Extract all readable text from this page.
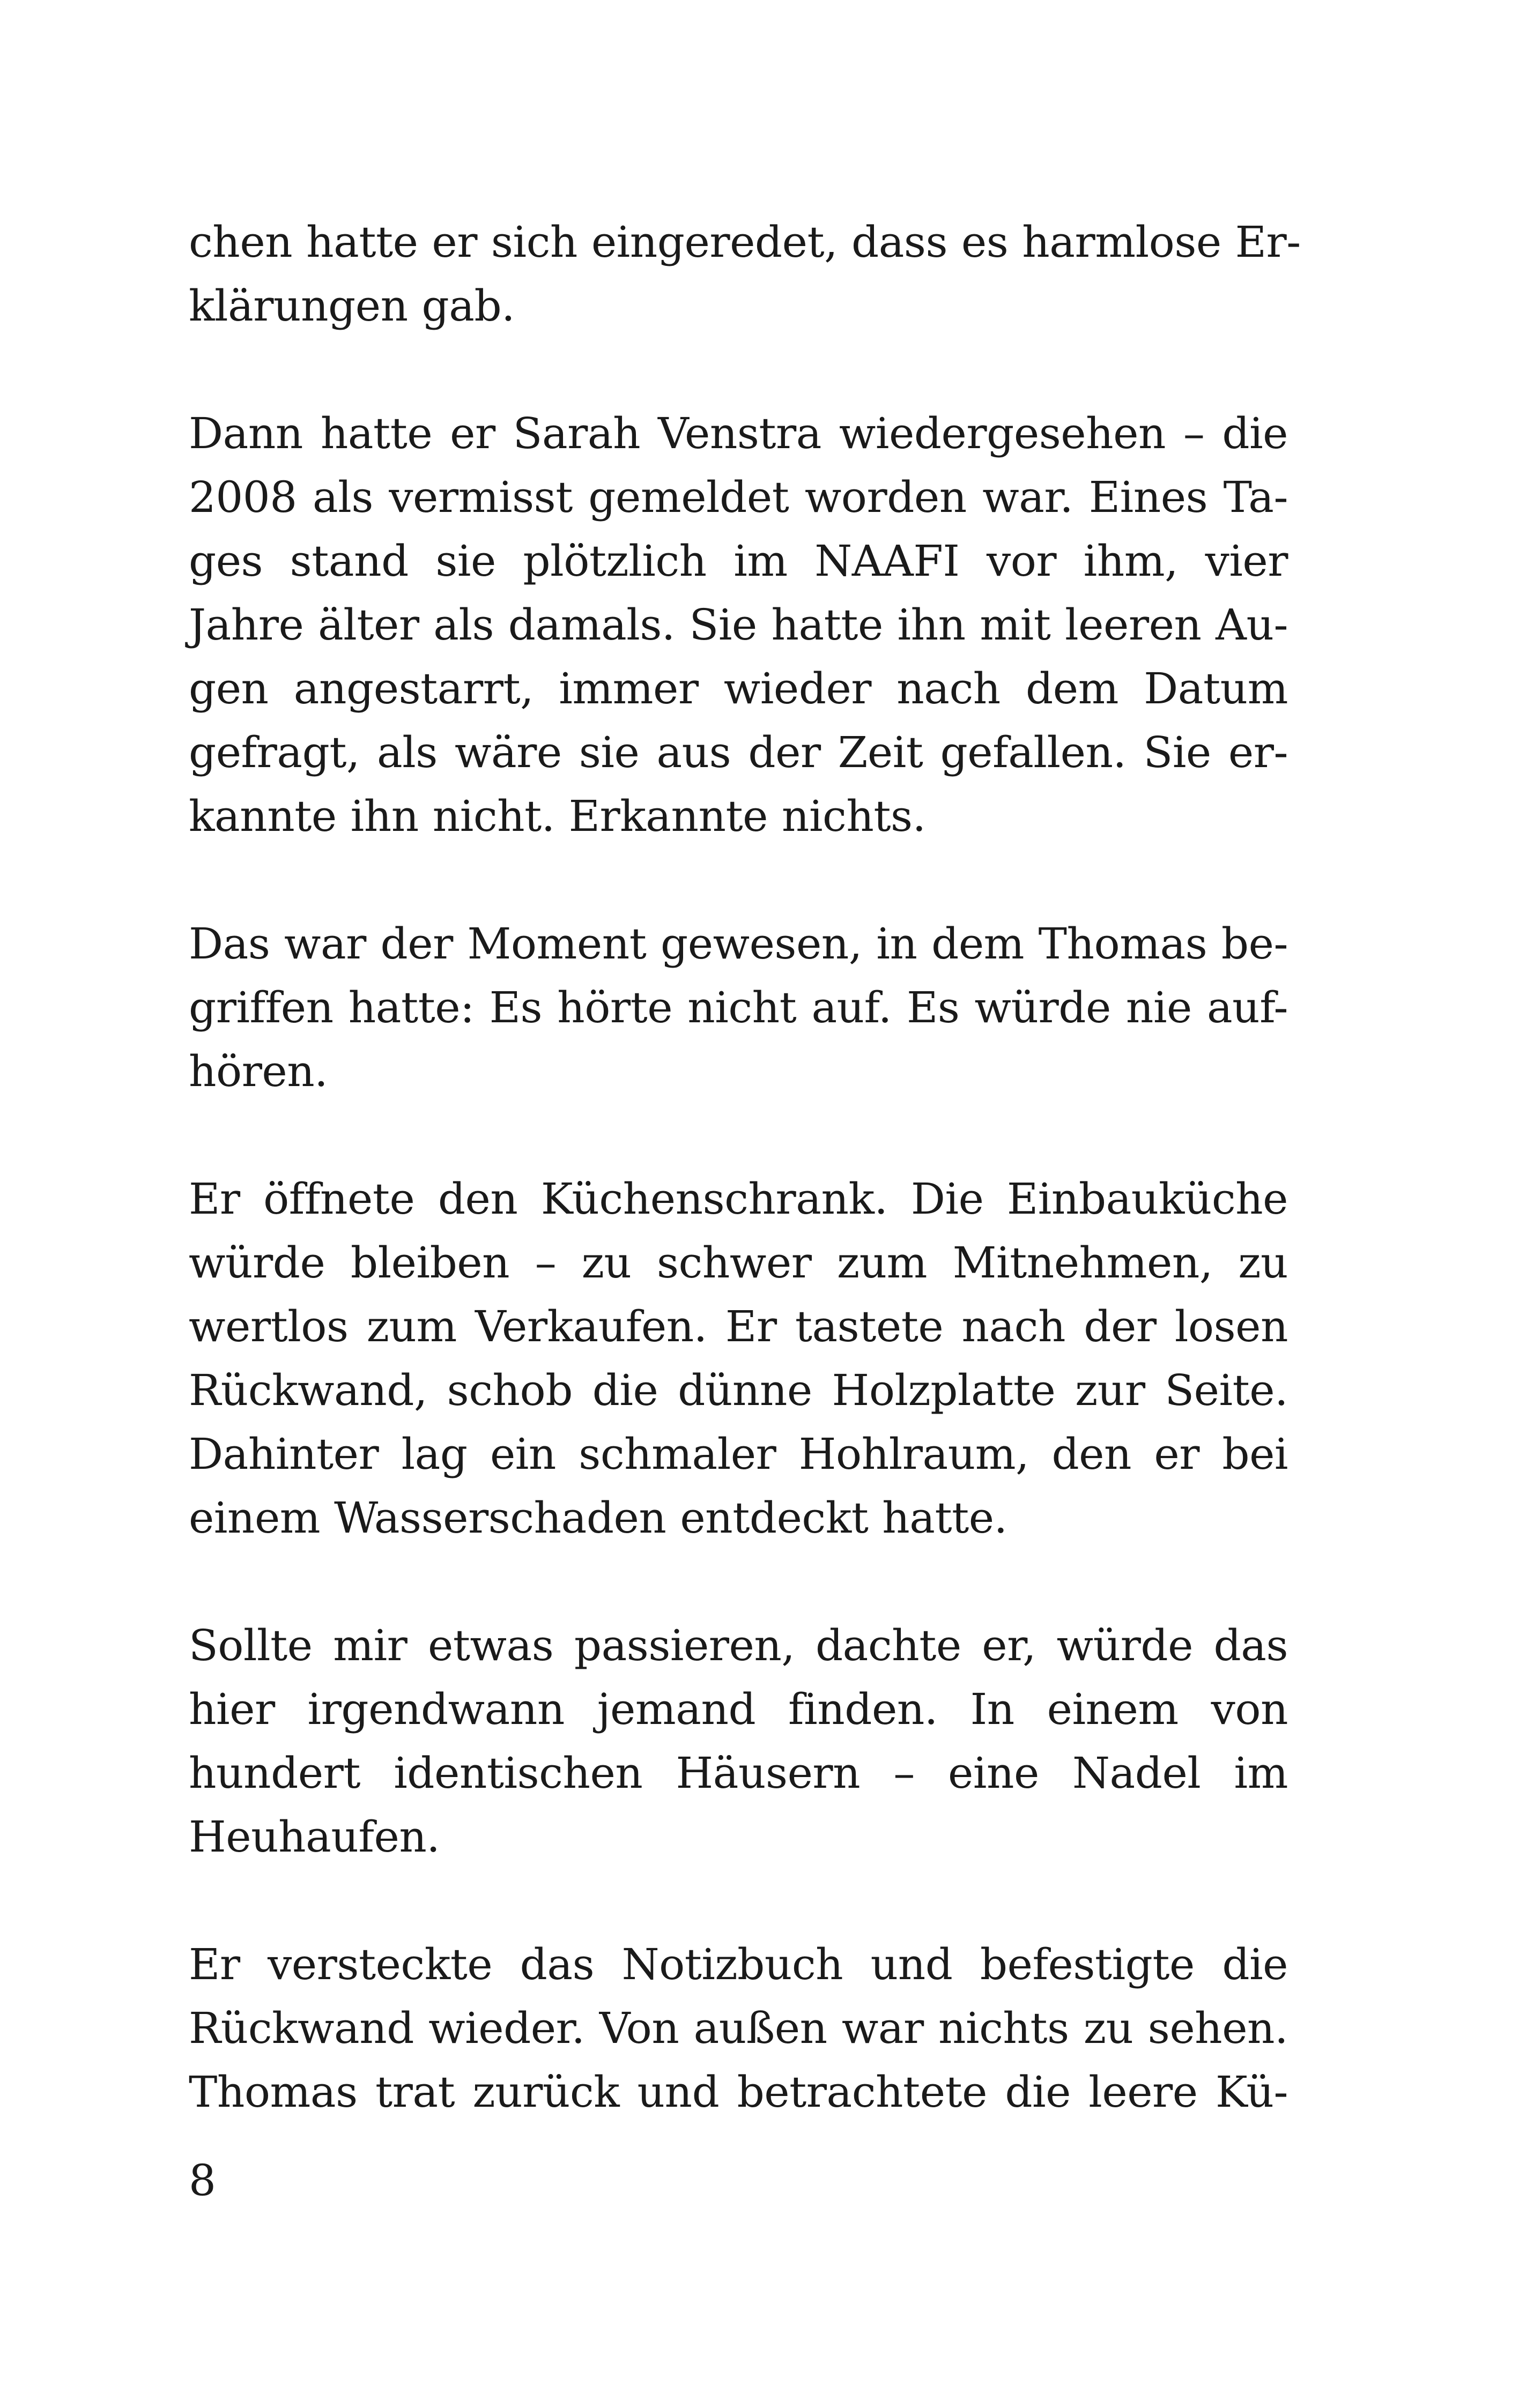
chen hatte er sich eingeredet, dass es harmlose Er-
klärungen gab.

Dann hatte er Sarah Venstra wiedergesehen – die
2008 als vermisst gemeldet worden war. Eines Ta-
ges stand sie plötzlich im NAAFI vor ihm, vier
Jahre älter als damals. Sie hatte ihn mit leeren Au-
gen angestarrt, immer wieder nach dem Datum
gefragt, als wäre sie aus der Zeit gefallen. Sie er-
kannte ihn nicht. Erkannte nichts.

Das war der Moment gewesen, in dem Thomas be-
griffen hatte: Es hörte nicht auf. Es würde nie auf-
hören.

Er öffnete den Küchenschrank. Die Einbauküche
würde bleiben – zu schwer zum Mitnehmen, zu
wertlos zum Verkaufen. Er tastete nach der losen
Rückwand, schob die dünne Holzplatte zur Seite.
Dahinter lag ein schmaler Hohlraum, den er bei
einem Wasserschaden entdeckt hatte.

Sollte mir etwas passieren, dachte er, würde das
hier irgendwann jemand finden. In einem von
hundert identischen Häusern – eine Nadel im
Heuhaufen.

Er versteckte das Notizbuch und befestigte die
Rückwand wieder. Von außen war nichts zu sehen.
Thomas trat zurück und betrachtete die leere Kü-

8
